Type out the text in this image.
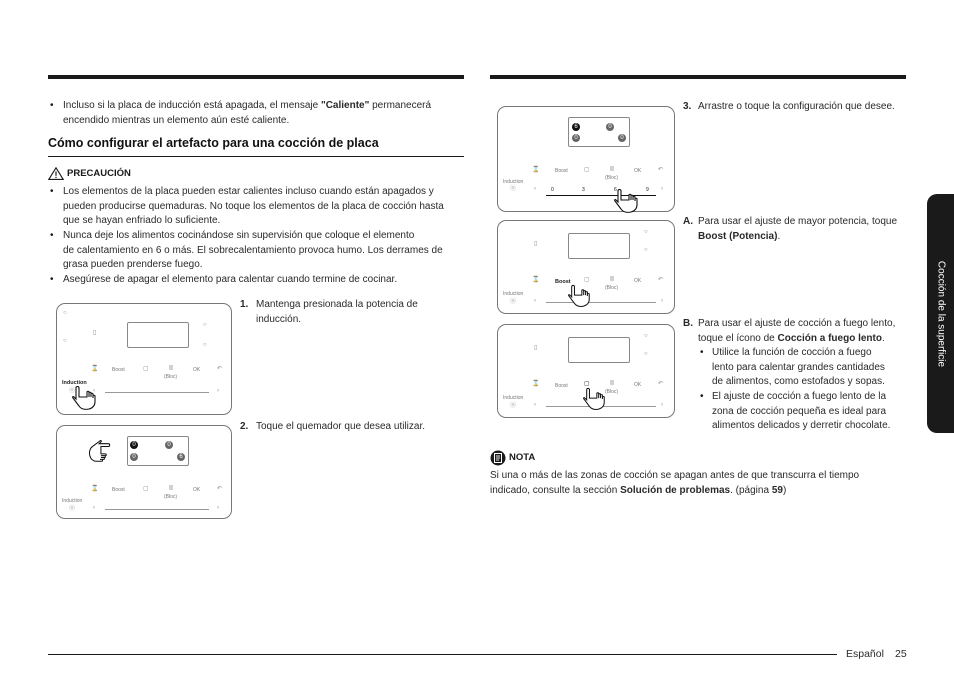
• Incluso si la placa de inducción está apagada, el mensaje "Caliente" permanecerá
encendido mientras un elemento aún esté caliente.
Cómo configurar el artefacto para una cocción de placa
PRECAUCIÓN
• Los elementos de la placa pueden estar calientes incluso cuando están apagados y
pueden producirse quemaduras. No toque los elementos de la placa de cocción hasta
que se hayan enfriado lo suficiente.
• Nunca deje los alimentos cocinándose sin supervisión que coloque el elemento
de calentamiento en 6 o más. El sobrecalentamiento provoca humo. Los derrames de
grasa pueden prenderse fuego.
• Asegúrese de apagar el elemento para calentar cuando termine de cocinar.
○
○
▯
○
○
⌛	Boost	▢	II
(Bloc)
OK	↶
Induction
⓪	‹	›
1. Mantenga presionada la potencia de
inducción.
0	0
0	6
⌛	Boost	▢	II
(Bloc)
OK	↶
Induction
⓪	‹	›
2. Toque el quemador que desea utilizar.
6	0
0	0
⌛	Boost	▢	II
(Bloc)
OK	↶
Induction
⓪	‹	0	3	6	9 ›
3. Arrastre o toque la configuración que desee.
▯
○
○
⌛	Boost ▢	II
(Bloc)
OK	↶
Induction
⓪	‹	›
A. Para usar el ajuste de mayor potencia, toque
Boost (Potencia).
▯
○
○
⌛	Boost	▢	II
(Bloc)
OK	↶
Induction
⓪	‹	›
B. Para usar el ajuste de cocción a fuego lento,
toque el ícono de Cocción a fuego lento.
• Utilice la función de cocción a fuego
lento para calentar grandes cantidades
de alimentos, como estofados y sopas.
• El ajuste de cocción a fuego lento de la
zona de cocción pequeña es ideal para
alimentos delicados y derretir chocolate.
NOTA
Si una o más de las zonas de cocción se apagan antes de que transcurra el tiempo
indicado, consulte la sección Solución de problemas. (página 59)
Cocción de la superficie
Español 25
